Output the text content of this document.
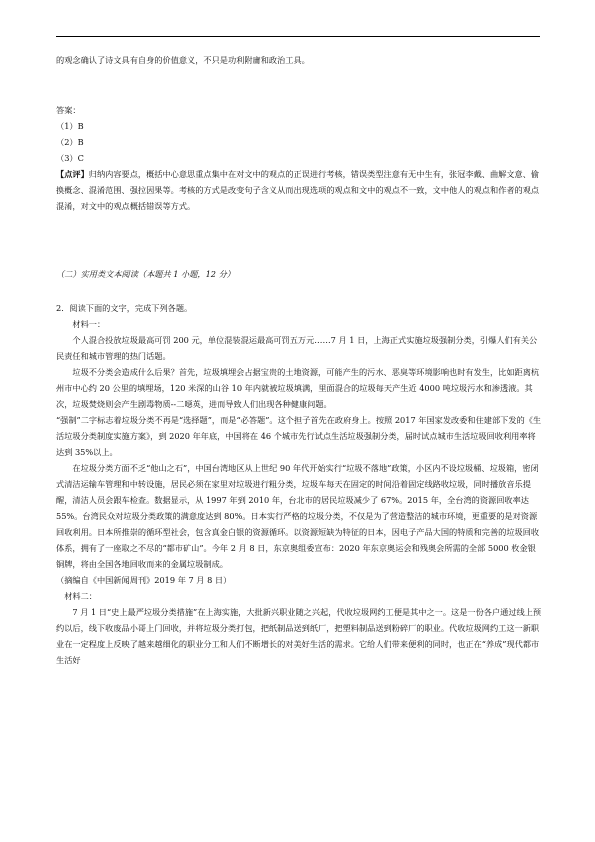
的观念确认了诗文具有自身的价值意义，不只是功利附庸和政治工具。

答案：

（1）B

（2）B

（3）C

【点评】归纳内容要点，概括中心意思重点集中在对文中的观点的正误进行考核，错误类型注意有无中生有，张冠李戴、曲解文意、偷换概念、混淆范围、强拉因果等。考核的方式是改变句子含义从而出现选项的观点和文中的观点不一致，文中他人的观点和作者的观点混淆，对文中的观点概括错误等方式。

（二）实用类文本阅读（本题共 1 小题，12 分）

2．阅读下面的文字，完成下列各题。

材料一：

个人混合投放垃圾最高可罚 200 元，单位混装混运最高可罚五万元……7 月 1 日，上海正式实施垃圾强制分类，引爆人们有关公民责任和城市管理的热门话题。

垃圾不分类会造成什么后果？首先，垃圾填埋会占据宝贵的土地资源，可能产生的污水、恶臭等环境影响也时有发生，比如距离杭州市中心约 20 公里的填埋场，120 米深的山谷 10 年内就被垃圾填满，里面混合的垃圾每天产生近 4000 吨垃圾污水和渗透液。其次，垃圾焚烧则会产生剧毒物质--二噁英，进而导致人们出现各种健康问题。

“强制”二字标志着垃圾分类不再是“选择题”，而是“必答题”。这个担子首先在政府身上。按照 2017 年国家发改委和住建部下发的《生活垃圾分类制度实施方案》，到 2020 年年底，中国将在 46 个城市先行试点生活垃圾强制分类，届时试点城市生活垃圾回收利用率将达到 35%以上。

在垃圾分类方面不乏“他山之石”，中国台湾地区从上世纪 90 年代开始实行“垃圾不落地”政策，小区内不设垃圾桶、垃圾箱，密闭式清洁运输车管理和中转设施，居民必须在家里对垃圾进行粗分类，垃圾车每天在固定的时间沿着固定线路收垃圾，同时播放音乐提醒，清洁人员会跟车检查。数据显示，从 1997 年到 2010 年，台北市的居民垃圾减少了 67%。2015 年，全台湾的资源回收率达 55%。台湾民众对垃圾分类政策的满意度达到 80%。日本实行严格的垃圾分类，不仅是为了营造整洁的城市环境，更重要的是对资源回收利用。日本所推崇的循环型社会，包含真金白银的资源循环。以资源短缺为特征的日本，因电子产品大国的特质和完善的垃圾回收体系，拥有了一座取之不尽的“都市矿山”。今年 2 月 8 日，东京奥组委宣布：2020 年东京奥运会和残奥会所需的全部 5000 枚金银铜牌，将由全国各地回收而来的金属垃圾制成。

（摘编自《中国新闻周刊》2019 年 7 月 8 日）

材料二：

7 月 1 日“史上最严垃圾分类措施”在上海实施，大批新兴职业随之兴起，代收垃圾网约工便是其中之一。这是一份各户通过线上预约以后，线下收废品小哥上门回收，并将垃圾分类打包，把纸制品送到纸厂，把塑料制品送到粉碎厂的职业。代收垃圾网约工这一新职业在一定程度上反映了越来越细化的职业分工和人们不断增长的对美好生活的需求。它给人们带来便利的同时，也正在“养成”现代都市生活好
